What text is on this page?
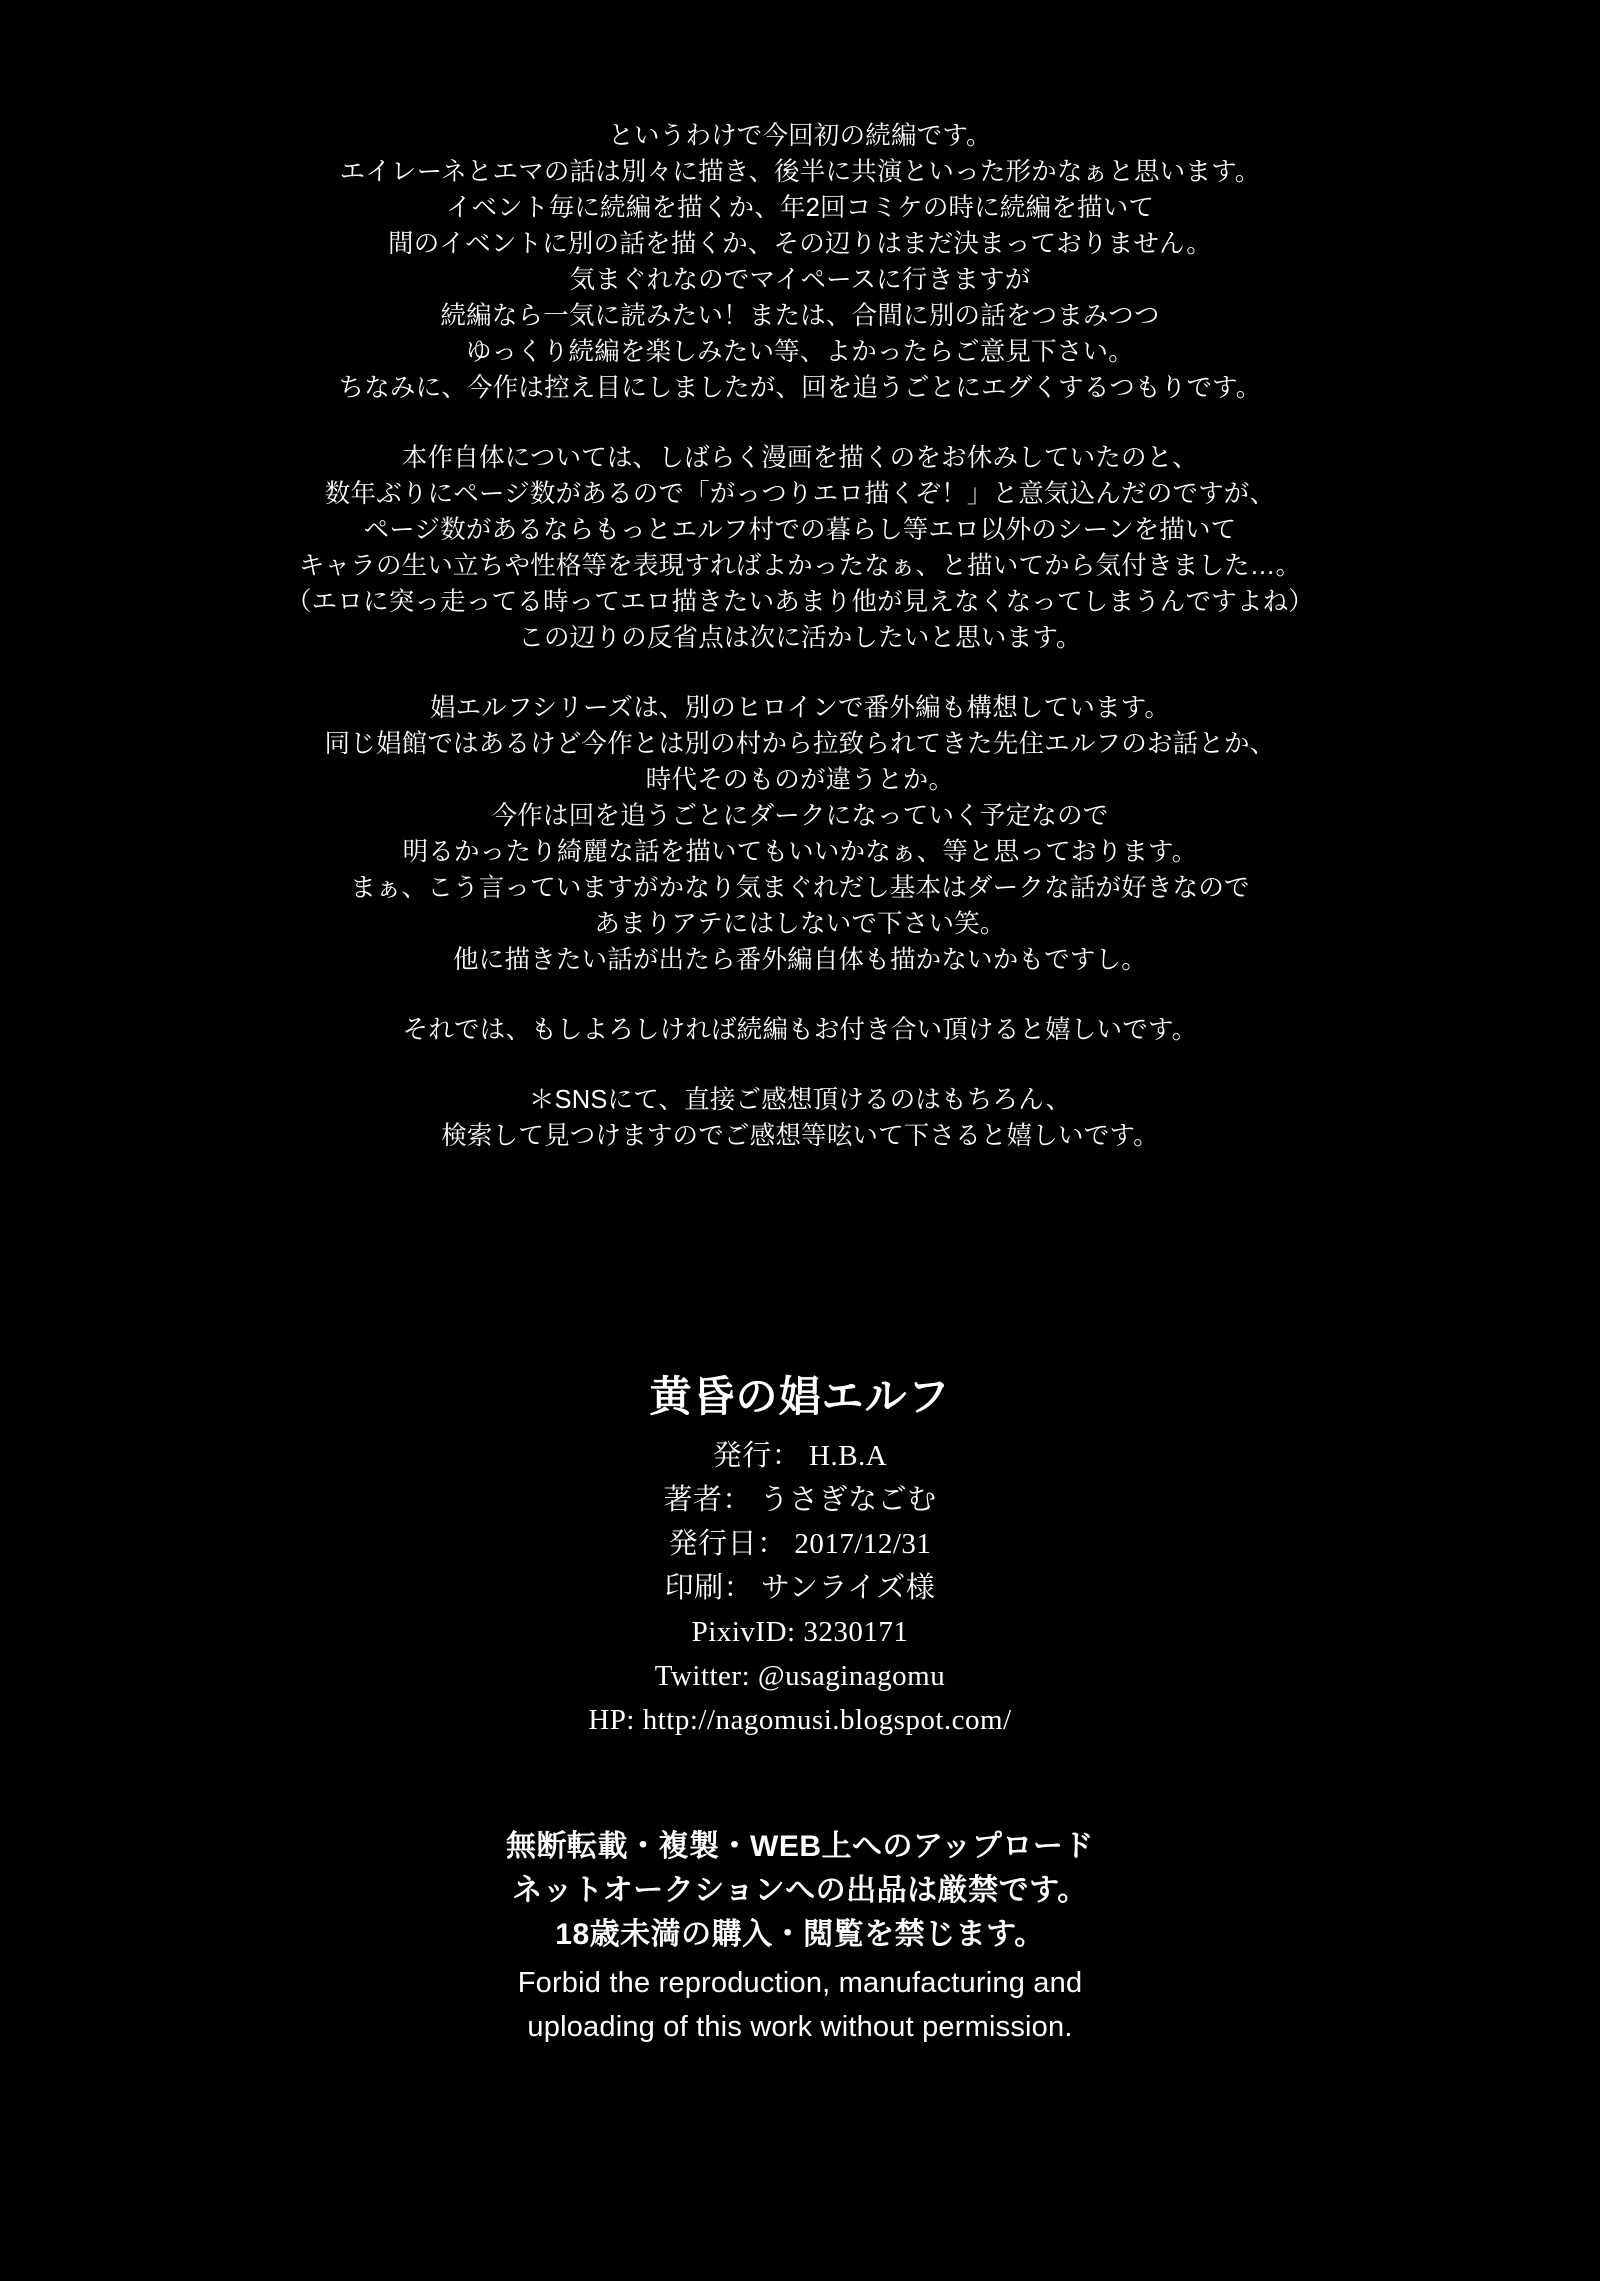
というわけで今回初の続編です。
エイレーネとエマの話は別々に描き、後半に共演といった形かなぁと思います。
イベント毎に続編を描くか、年2回コミケの時に続編を描いて
間のイベントに別の話を描くか、その辺りはまだ決まっておりません。
気まぐれなのでマイペースに行きますが
続編なら一気に読みたい！または、合間に別の話をつまみつつ
ゆっくり続編を楽しみたい等、よかったらご意見下さい。
ちなみに、今作は控え目にしましたが、回を追うごとにエグくするつもりです。
本作自体については、しばらく漫画を描くのをお休みしていたのと、
数年ぶりにページ数があるので「がっつりエロ描くぞ！」と意気込んだのですが、
ページ数があるならもっとエルフ村での暮らし等エロ以外のシーンを描いて
キャラの生い立ちや性格等を表現すればよかったなぁ、と描いてから気付きました…。
（エロに突っ走ってる時ってエロ描きたいあまり他が見えなくなってしまうんですよね）
この辺りの反省点は次に活かしたいと思います。
娼エルフシリーズは、別のヒロインで番外編も構想しています。
同じ娼館ではあるけど今作とは別の村から拉致られてきた先住エルフのお話とか、
時代そのものが違うとか。
今作は回を追うごとにダークになっていく予定なので
明るかったり綺麗な話を描いてもいいかなぁ、等と思っております。
まぁ、こう言っていますがかなり気まぐれだし基本はダークな話が好きなので
あまりアテにはしないで下さい笑。
他に描きたい話が出たら番外編自体も描かないかもですし。
それでは、もしよろしければ続編もお付き合い頂けると嬉しいです。
＊SNSにて、直接ご感想頂けるのはもちろん、
検索して見つけますのでご感想等呟いて下さると嬉しいです。
黄昏の娼エルフ
発行： H.B.A
著者： うさぎなごむ
発行日： 2017/12/31
印刷： サンライズ様
PixivID: 3230171
Twitter: @usaginagomu
HP: http://nagomusi.blogspot.com/
無断転載・複製・WEB上へのアップロード
ネットオークションへの出品は厳禁です。
18歳未満の購入・閲覧を禁じます。
Forbid the reproduction, manufacturing and
uploading of this work without permission.
